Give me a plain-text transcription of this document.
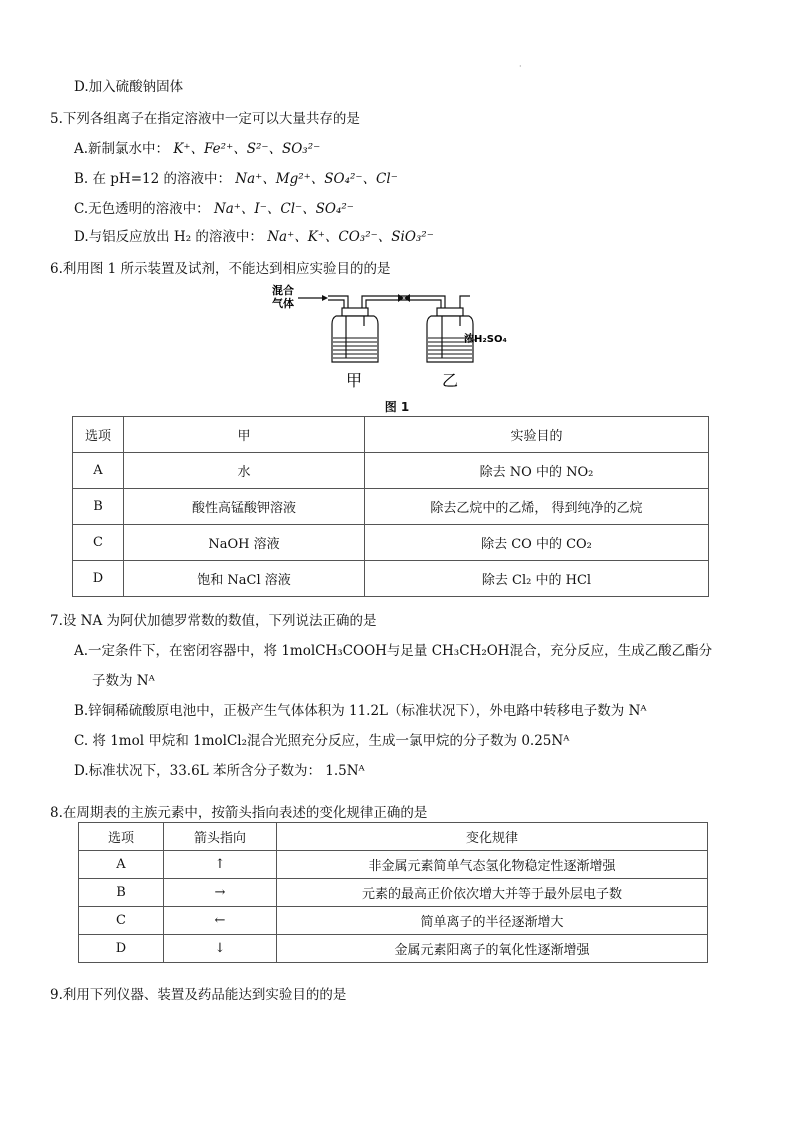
·
D.加入硫酸钠固体
5.下列各组离子在指定溶液中一定可以大量共存的是
A.新制氯水中： K⁺、Fe²⁺、S²⁻、SO₃²⁻
B. 在 pH=12 的溶液中： Na⁺、Mg²⁺、SO₄²⁻、Cl⁻
C.无色透明的溶液中： Na⁺、I⁻、Cl⁻、SO₄²⁻
D.与铝反应放出 H₂ 的溶液中： Na⁺、K⁺、CO₃²⁻、SiO₃²⁻
6.利用图 1 所示装置及试剂，不能达到相应实验目的的是
混合
气体
浓H₂SO₄
甲	乙
图 1
选项	甲	实验目的
A	水	除去 NO 中的 NO₂
B	酸性高锰酸钾溶液	除去乙烷中的乙烯， 得到纯净的乙烷
C	NaOH 溶液	除去 CO 中的 CO₂
D	饱和 NaCl 溶液	除去 Cl₂ 中的 HCl
7.设 NA 为阿伏加德罗常数的数值，下列说法正确的是
A.一定条件下，在密闭容器中，将 1molCH₃COOH与足量 CH₃CH₂OH混合，充分反应，生成乙酸乙酯分
子数为 Nᴬ
B.锌铜稀硫酸原电池中，正极产生气体体积为 11.2L（标准状况下），外电路中转移电子数为 Nᴬ
C. 将 1mol 甲烷和 1molCl₂混合光照充分反应，生成一氯甲烷的分子数为 0.25Nᴬ
D.标准状况下，33.6L 苯所含分子数为： 1.5Nᴬ
8.在周期表的主族元素中，按箭头指向表述的变化规律正确的是
选项	箭头指向	变化规律
A	↑	非金属元素简单气态氢化物稳定性逐渐增强
B	→	元素的最高正价依次增大并等于最外层电子数
C	←	简单离子的半径逐渐增大
D	↓	金属元素阳离子的氧化性逐渐增强
9.利用下列仪器、装置及药品能达到实验目的的是
